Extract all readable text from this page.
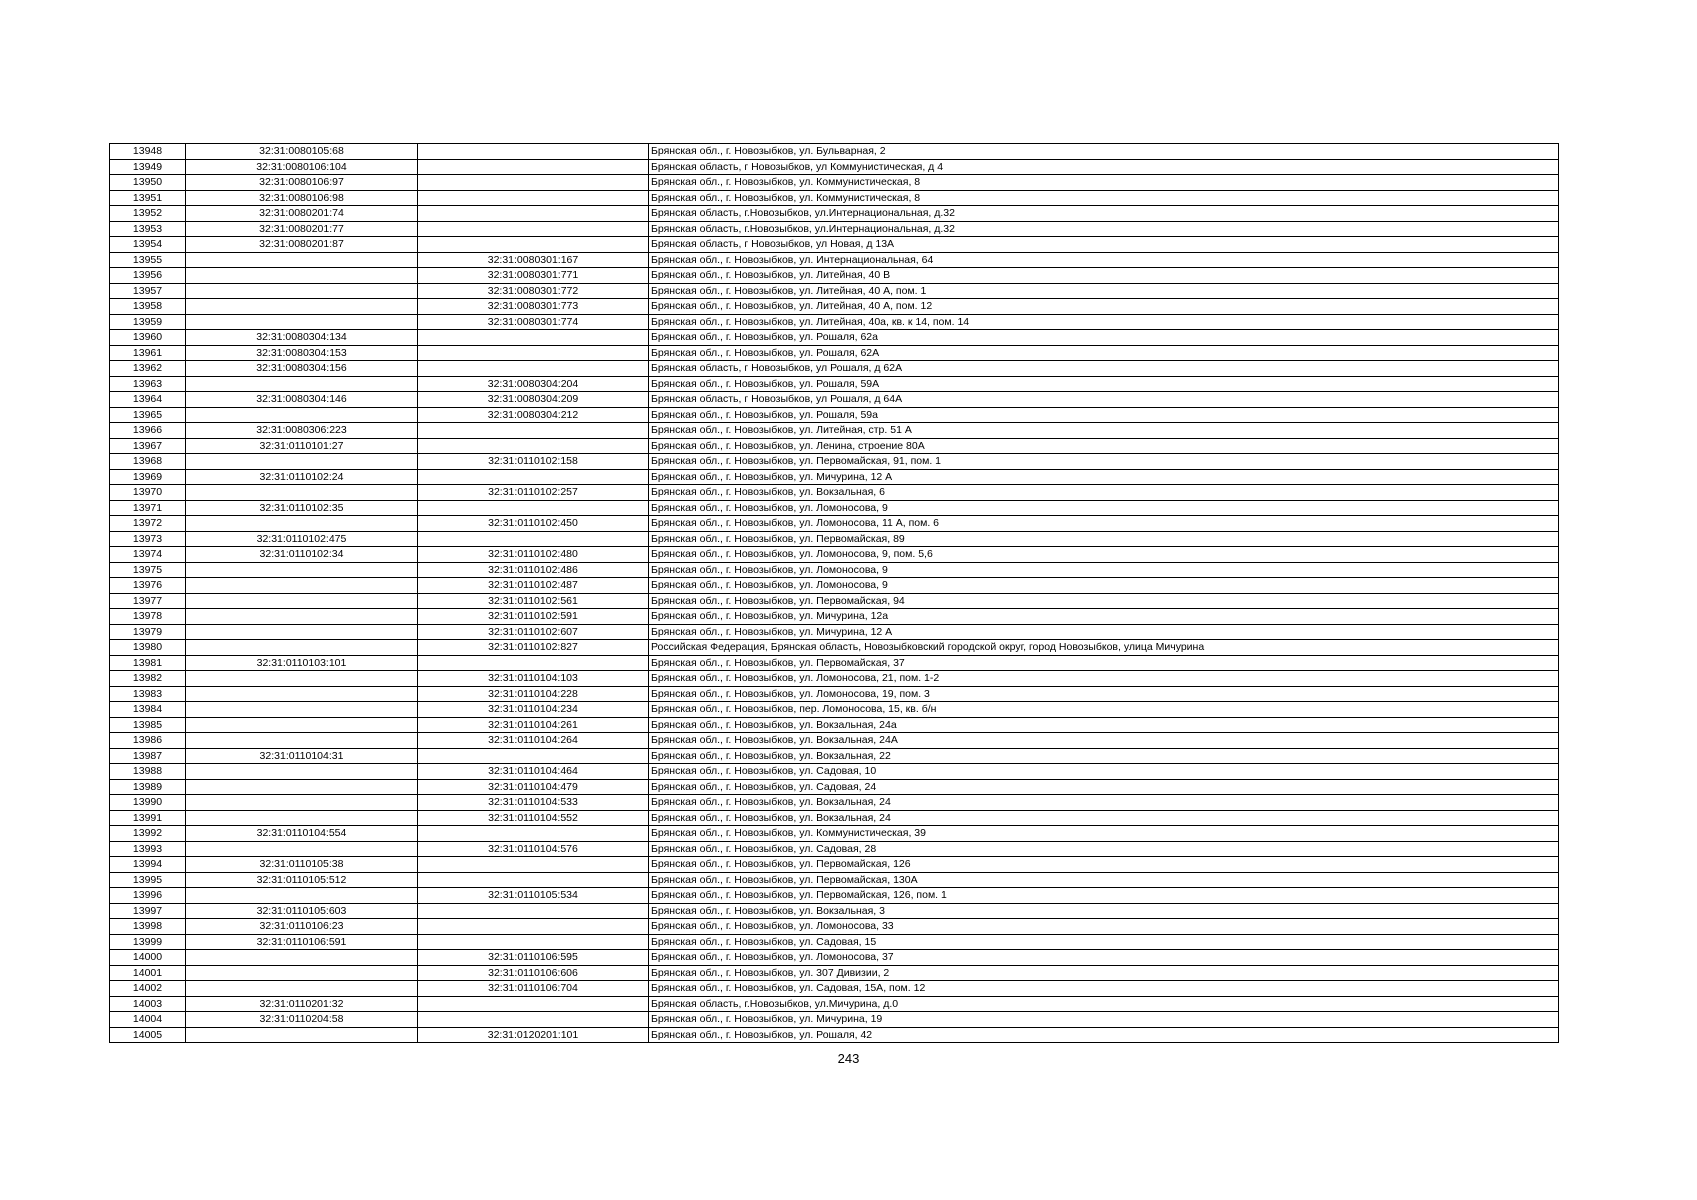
13948	32:31:0080105:68		Брянская обл., г. Новозыбков, ул. Бульварная, 2
13949	32:31:0080106:104		Брянская область, г Новозыбков, ул Коммунистическая, д 4
13950	32:31:0080106:97		Брянская обл., г. Новозыбков, ул. Коммунистическая, 8
13951	32:31:0080106:98		Брянская обл., г. Новозыбков, ул. Коммунистическая, 8
13952	32:31:0080201:74		Брянская область, г.Новозыбков, ул.Интернациональная, д.32
13953	32:31:0080201:77		Брянская область, г.Новозыбков, ул.Интернациональная, д.32
13954	32:31:0080201:87		Брянская область, г Новозыбков, ул Новая, д 13А
13955		32:31:0080301:167	Брянская обл., г. Новозыбков, ул. Интернациональная, 64
13956		32:31:0080301:771	Брянская обл., г. Новозыбков, ул. Литейная, 40 В
13957		32:31:0080301:772	Брянская обл., г. Новозыбков, ул. Литейная, 40 А, пом. 1
13958		32:31:0080301:773	Брянская обл., г. Новозыбков, ул. Литейная, 40 А, пом. 12
13959		32:31:0080301:774	Брянская обл., г. Новозыбков, ул. Литейная, 40а, кв. к 14, пом. 14
13960	32:31:0080304:134		Брянская обл., г. Новозыбков, ул. Рошаля, 62а
13961	32:31:0080304:153		Брянская обл., г. Новозыбков, ул. Рошаля, 62А
13962	32:31:0080304:156		Брянская область, г Новозыбков, ул Рошаля, д 62А
13963		32:31:0080304:204	Брянская обл., г. Новозыбков, ул. Рошаля, 59А
13964	32:31:0080304:146	32:31:0080304:209	Брянская область, г Новозыбков, ул Рошаля, д 64А
13965		32:31:0080304:212	Брянская обл., г. Новозыбков, ул. Рошаля, 59а
13966	32:31:0080306:223		Брянская обл., г. Новозыбков, ул. Литейная, стр. 51 А
13967	32:31:0110101:27		Брянская обл., г. Новозыбков, ул. Ленина, строение 80А
13968		32:31:0110102:158	Брянская обл., г. Новозыбков, ул. Первомайская, 91, пом. 1
13969	32:31:0110102:24		Брянская обл., г. Новозыбков, ул. Мичурина, 12 А
13970		32:31:0110102:257	Брянская обл., г. Новозыбков, ул. Вокзальная, 6
13971	32:31:0110102:35		Брянская обл., г. Новозыбков, ул. Ломоносова, 9
13972		32:31:0110102:450	Брянская обл., г. Новозыбков, ул. Ломоносова, 11 А, пом. 6
13973	32:31:0110102:475		Брянская обл., г. Новозыбков, ул. Первомайская, 89
13974	32:31:0110102:34	32:31:0110102:480	Брянская обл., г. Новозыбков, ул. Ломоносова, 9, пом. 5,6
13975		32:31:0110102:486	Брянская обл., г. Новозыбков, ул. Ломоносова, 9
13976		32:31:0110102:487	Брянская обл., г. Новозыбков, ул. Ломоносова, 9
13977		32:31:0110102:561	Брянская обл., г. Новозыбков, ул. Первомайская, 94
13978		32:31:0110102:591	Брянская обл., г. Новозыбков, ул. Мичурина, 12а
13979		32:31:0110102:607	Брянская обл., г. Новозыбков, ул. Мичурина, 12 А
13980		32:31:0110102:827	Российская Федерация, Брянская область, Новозыбковский городской округ, город Новозыбков, улица Мичурина
13981	32:31:0110103:101		Брянская обл., г. Новозыбков, ул. Первомайская, 37
13982		32:31:0110104:103	Брянская обл., г. Новозыбков, ул. Ломоносова, 21, пом. 1-2
13983		32:31:0110104:228	Брянская обл., г. Новозыбков, ул. Ломоносова, 19, пом. 3
13984		32:31:0110104:234	Брянская обл., г. Новозыбков, пер. Ломоносова, 15, кв. б/н
13985		32:31:0110104:261	Брянская обл., г. Новозыбков, ул. Вокзальная, 24а
13986		32:31:0110104:264	Брянская обл., г. Новозыбков, ул. Вокзальная, 24А
13987	32:31:0110104:31		Брянская обл., г. Новозыбков, ул. Вокзальная, 22
13988		32:31:0110104:464	Брянская обл., г. Новозыбков, ул. Садовая, 10
13989		32:31:0110104:479	Брянская обл., г. Новозыбков, ул. Садовая, 24
13990		32:31:0110104:533	Брянская обл., г. Новозыбков, ул. Вокзальная, 24
13991		32:31:0110104:552	Брянская обл., г. Новозыбков, ул. Вокзальная, 24
13992	32:31:0110104:554		Брянская обл., г. Новозыбков, ул. Коммунистическая, 39
13993		32:31:0110104:576	Брянская обл., г. Новозыбков, ул. Садовая, 28
13994	32:31:0110105:38		Брянская обл., г. Новозыбков, ул. Первомайская, 126
13995	32:31:0110105:512		Брянская обл., г. Новозыбков, ул. Первомайская, 130А
13996		32:31:0110105:534	Брянская обл., г. Новозыбков, ул. Первомайская, 126, пом. 1
13997	32:31:0110105:603		Брянская обл., г. Новозыбков, ул. Вокзальная, 3
13998	32:31:0110106:23		Брянская обл., г. Новозыбков, ул. Ломоносова, 33
13999	32:31:0110106:591		Брянская обл., г. Новозыбков, ул. Садовая, 15
14000		32:31:0110106:595	Брянская обл., г. Новозыбков, ул. Ломоносова, 37
14001		32:31:0110106:606	Брянская обл., г. Новозыбков, ул. 307 Дивизии, 2
14002		32:31:0110106:704	Брянская обл., г. Новозыбков, ул. Садовая, 15А, пом. 12
14003	32:31:0110201:32		Брянская область, г.Новозыбков, ул.Мичурина, д.0
14004	32:31:0110204:58		Брянская обл., г. Новозыбков, ул. Мичурина, 19
14005		32:31:0120201:101	Брянская обл., г. Новозыбков, ул. Рошаля, 42
243
